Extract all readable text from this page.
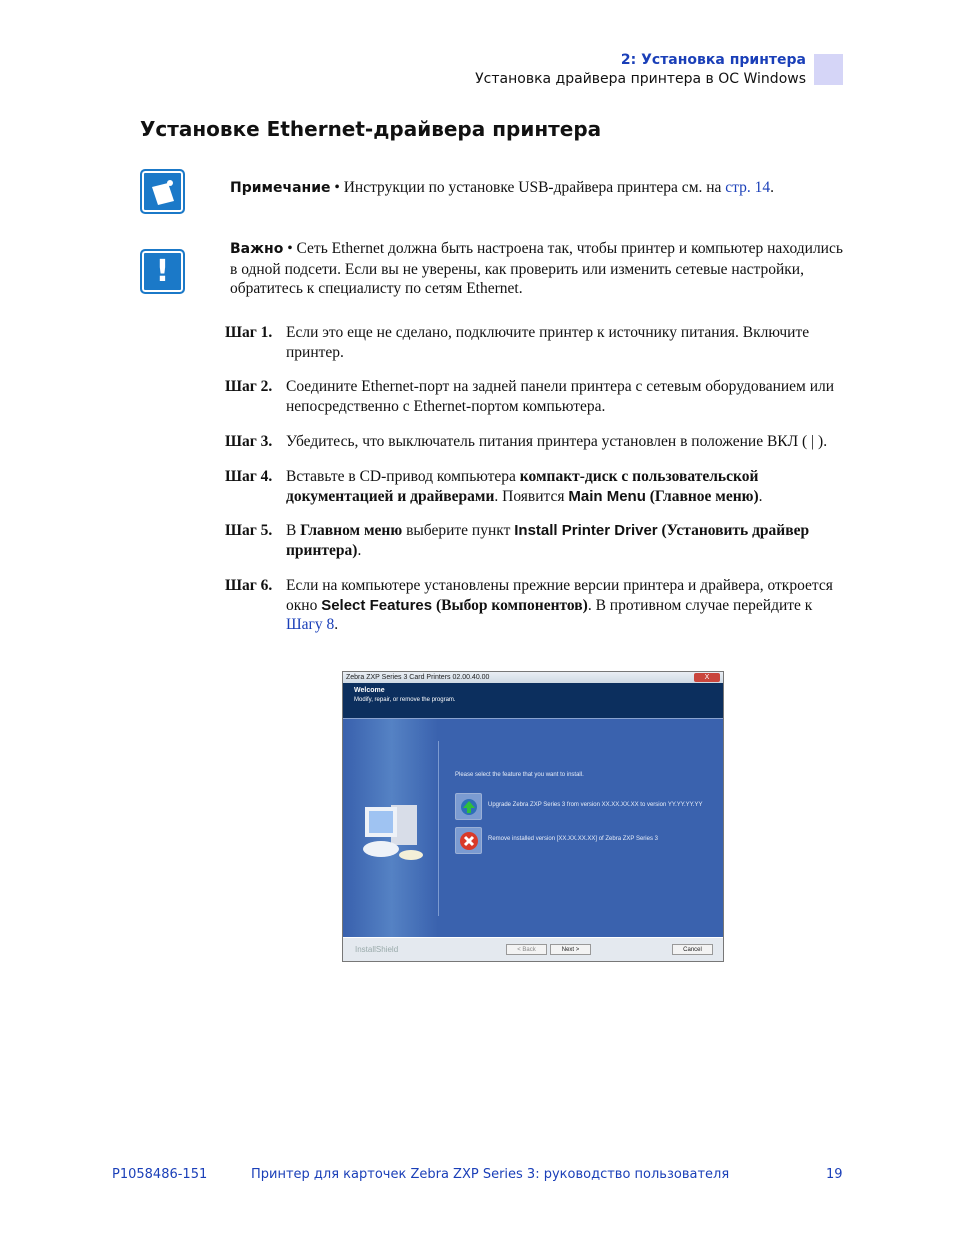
2: Установка принтера
Установка драйвера принтера в ОС Windows
Установке Ethernet-драйвера принтера
Примечание • Инструкции по установке USB-драйвера принтера см. на стр. 14.
!
Важно • Сеть Ethernet должна быть настроена так, чтобы принтер и компьютер находились в одной подсети. Если вы не уверены, как проверить или изменить сетевые настройки, обратитесь к специалисту по сетям Ethernet.
Шаг 1. Если это еще не сделано, подключите принтер к источнику питания. Включите принтер.
Шаг 2. Соедините Ethernet-порт на задней панели принтера с сетевым оборудованием или непосредственно с Ethernet-портом компьютера.
Шаг 3. Убедитесь, что выключатель питания принтера установлен в положение ВКЛ ( | ).
Шаг 4. Вставьте в CD-привод компьютера компакт-диск с пользовательской документацией и драйверами. Появится Main Menu (Главное меню).
Шаг 5. В Главном меню выберите пункт Install Printer Driver (Установить драйвер принтера).
Шаг 6. Если на компьютере установлены прежние версии принтера и драйвера, откроется окно Select Features (Выбор компонентов). В противном случае перейдите к Шагу 8.
Zebra ZXP Series 3 Card Printers 02.00.40.00	X
Welcome
Modify, repair, or remove the program.
Please select the feature that you want to install.
Upgrade Zebra ZXP Series 3 from version XX.XX.XX.XX to version YY.YY.YY.YY
Remove installed version [XX.XX.XX.XX] of Zebra ZXP Series 3
InstallShield	< Back	Next >	Cancel
P1058486-151	Принтер для карточек Zebra ZXP Series 3: руководство пользователя	19
